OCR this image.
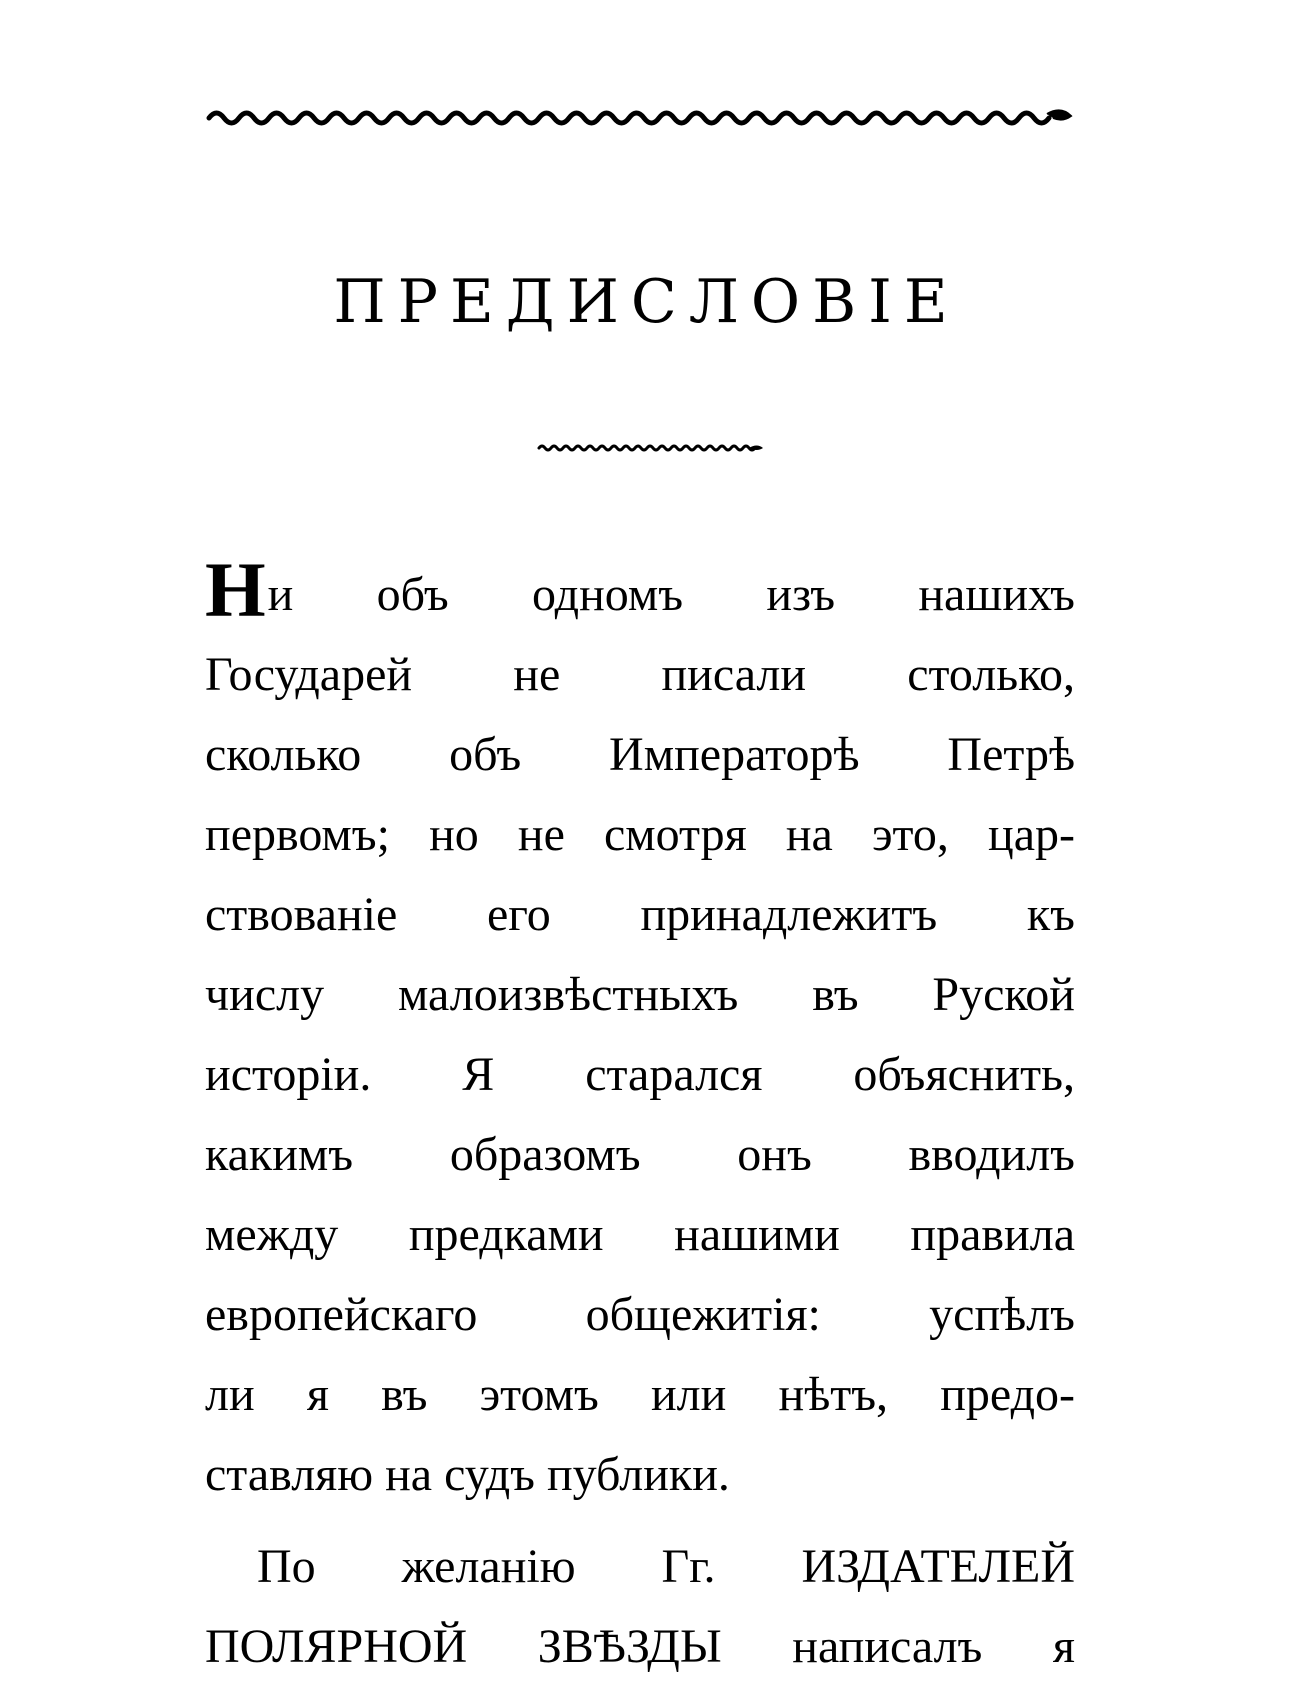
ПРЕДИСЛОВІЕ
Ни объ одномъ изъ нашихъ
Государей не писали столько,
сколько объ Императорѣ Петрѣ
первомъ; но не смотря на это, цар-
ствованіе его принадлежитъ къ
числу малоизвѣстныхъ въ Руской
исторіи. Я старался объяснить,
какимъ образомъ онъ вводилъ
между предками нашими правила
европейскаго общежитія: успѣлъ
ли я въ этомъ или нѣтъ, предо-
ставляю на судъ публики.
По желанію Гг. ИЗДАТЕЛЕЙ
ПОЛЯРНОЙ ЗВѢЗДЫ написалъ я
